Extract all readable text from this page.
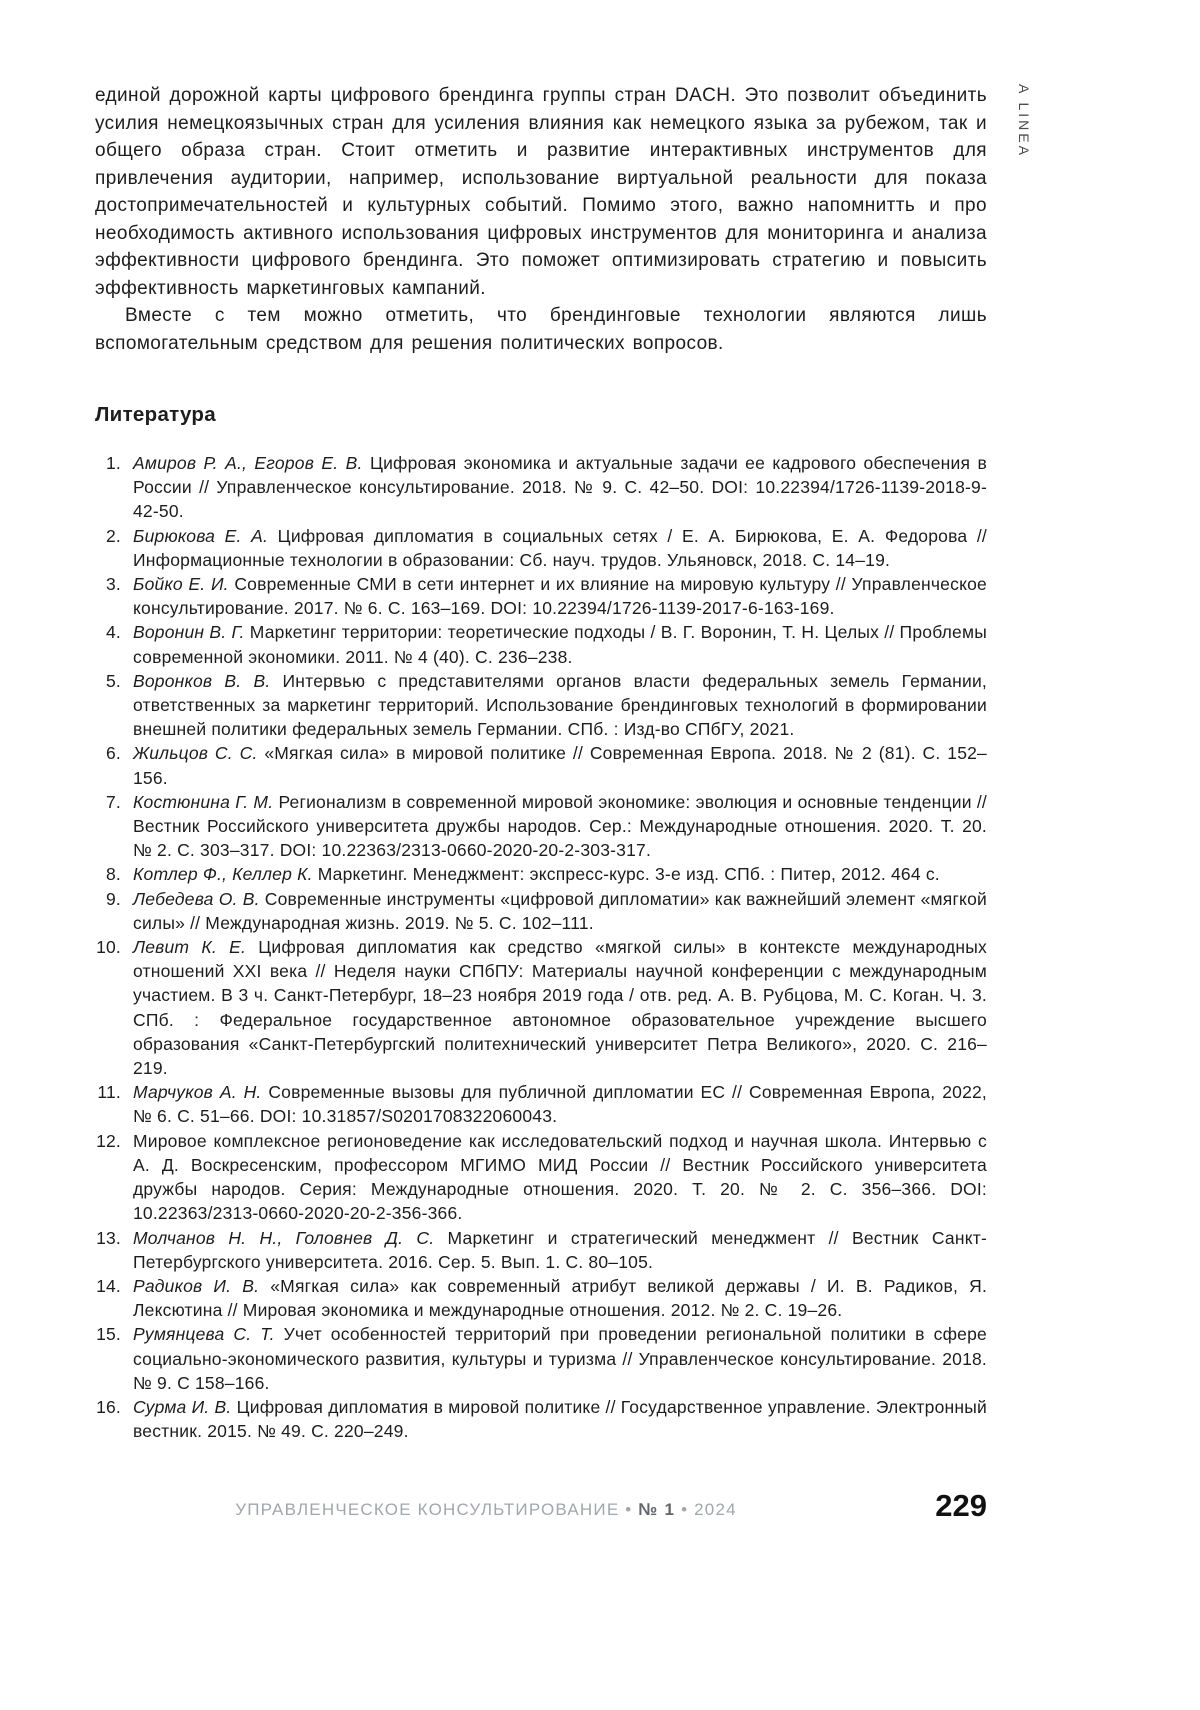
A LINEA

единой дорожной карты цифрового брендинга группы стран DACH. Это позволит объединить усилия немецкоязычных стран для усиления влияния как немецкого языка за рубежом, так и общего образа стран. Стоит отметить и развитие интерактивных инструментов для привлечения аудитории, например, использование виртуальной реальности для показа достопримечательностей и культурных событий. Помимо этого, важно напомнитть и про необходимость активного использования цифровых инструментов для мониторинга и анализа эффективности цифрового брендинга. Это поможет оптимизировать стратегию и повысить эффективность маркетинговых кампаний.

Вместе с тем можно отметить, что брендинговые технологии являются лишь вспомогательным средством для решения политических вопросов.

Литература
1. Амиров Р. А., Егоров Е. В. Цифровая экономика и актуальные задачи ее кадрового обеспечения в России // Управленческое консультирование. 2018. № 9. С. 42–50. DOI: 10.22394/1726-1139-2018-9-42-50.
2. Бирюкова Е. А. Цифровая дипломатия в социальных сетях / Е. А. Бирюкова, Е. А. Федорова // Информационные технологии в образовании: Сб. науч. трудов. Ульяновск, 2018. С. 14–19.
3. Бойко Е. И. Современные СМИ в сети интернет и их влияние на мировую культуру // Управленческое консультирование. 2017. № 6. С. 163–169. DOI: 10.22394/1726-1139-2017-6-163-169.
4. Воронин В. Г. Маркетинг территории: теоретические подходы / В. Г. Воронин, Т. Н. Целых // Проблемы современной экономики. 2011. № 4 (40). С. 236–238.
5. Воронков В. В. Интервью с представителями органов власти федеральных земель Германии, ответственных за маркетинг территорий. Использование брендинговых технологий в формировании внешней политики федеральных земель Германии. СПб. : Изд-во СПбГУ, 2021.
6. Жильцов С. С. «Мягкая сила» в мировой политике // Современная Европа. 2018. № 2 (81). С. 152–156.
7. Костюнина Г. М. Регионализм в современной мировой экономике: эволюция и основные тенденции // Вестник Российского университета дружбы народов. Сер.: Международные отношения. 2020. Т. 20. № 2. С. 303–317. DOI: 10.22363/2313-0660-2020-20-2-303-317.
8. Котлер Ф., Келлер К. Маркетинг. Менеджмент: экспресс-курс. 3-е изд. СПб. : Питер, 2012. 464 с.
9. Лебедева О. В. Современные инструменты «цифровой дипломатии» как важнейший элемент «мягкой силы» // Международная жизнь. 2019. № 5. С. 102–111.
10. Левит К. Е. Цифровая дипломатия как средство «мягкой силы» в контексте международных отношений XXI века // Неделя науки СПбПУ: Материалы научной конференции с международным участием. В 3 ч. Санкт-Петербург, 18–23 ноября 2019 года / отв. ред. А. В. Рубцова, М. С. Коган. Ч. 3. СПб. : Федеральное государственное автономное образовательное учреждение высшего образования «Санкт-Петербургский политехнический университет Петра Великого», 2020. С. 216–219.
11. Марчуков А. Н. Современные вызовы для публичной дипломатии ЕС // Современная Европа, 2022, № 6. С. 51–66. DOI: 10.31857/S0201708322060043.
12. Мировое комплексное регионоведение как исследовательский подход и научная школа. Интервью с А. Д. Воскресенским, профессором МГИМО МИД России // Вестник Российского университета дружбы народов. Серия: Международные отношения. 2020. Т. 20. № 2. С. 356–366. DOI: 10.22363/2313-0660-2020-20-2-356-366.
13. Молчанов Н. Н., Головнев Д. С. Маркетинг и стратегический менеджмент // Вестник Санкт-Петербургского университета. 2016. Сер. 5. Вып. 1. С. 80–105.
14. Радиков И. В. «Мягкая сила» как современный атрибут великой державы / И. В. Радиков, Я. Лексютина // Мировая экономика и международные отношения. 2012. № 2. С. 19–26.
15. Румянцева С. Т. Учет особенностей территорий при проведении региональной политики в сфере социально-экономического развития, культуры и туризма // Управленческое консультирование. 2018. № 9. С 158–166.
16. Сурма И. В. Цифровая дипломатия в мировой политике // Государственное управление. Электронный вестник. 2015. № 49. С. 220–249.
УПРАВЛЕНЧЕСКОЕ КОНСУЛЬТИРОВАНИЕ • № 1 • 2024	229
